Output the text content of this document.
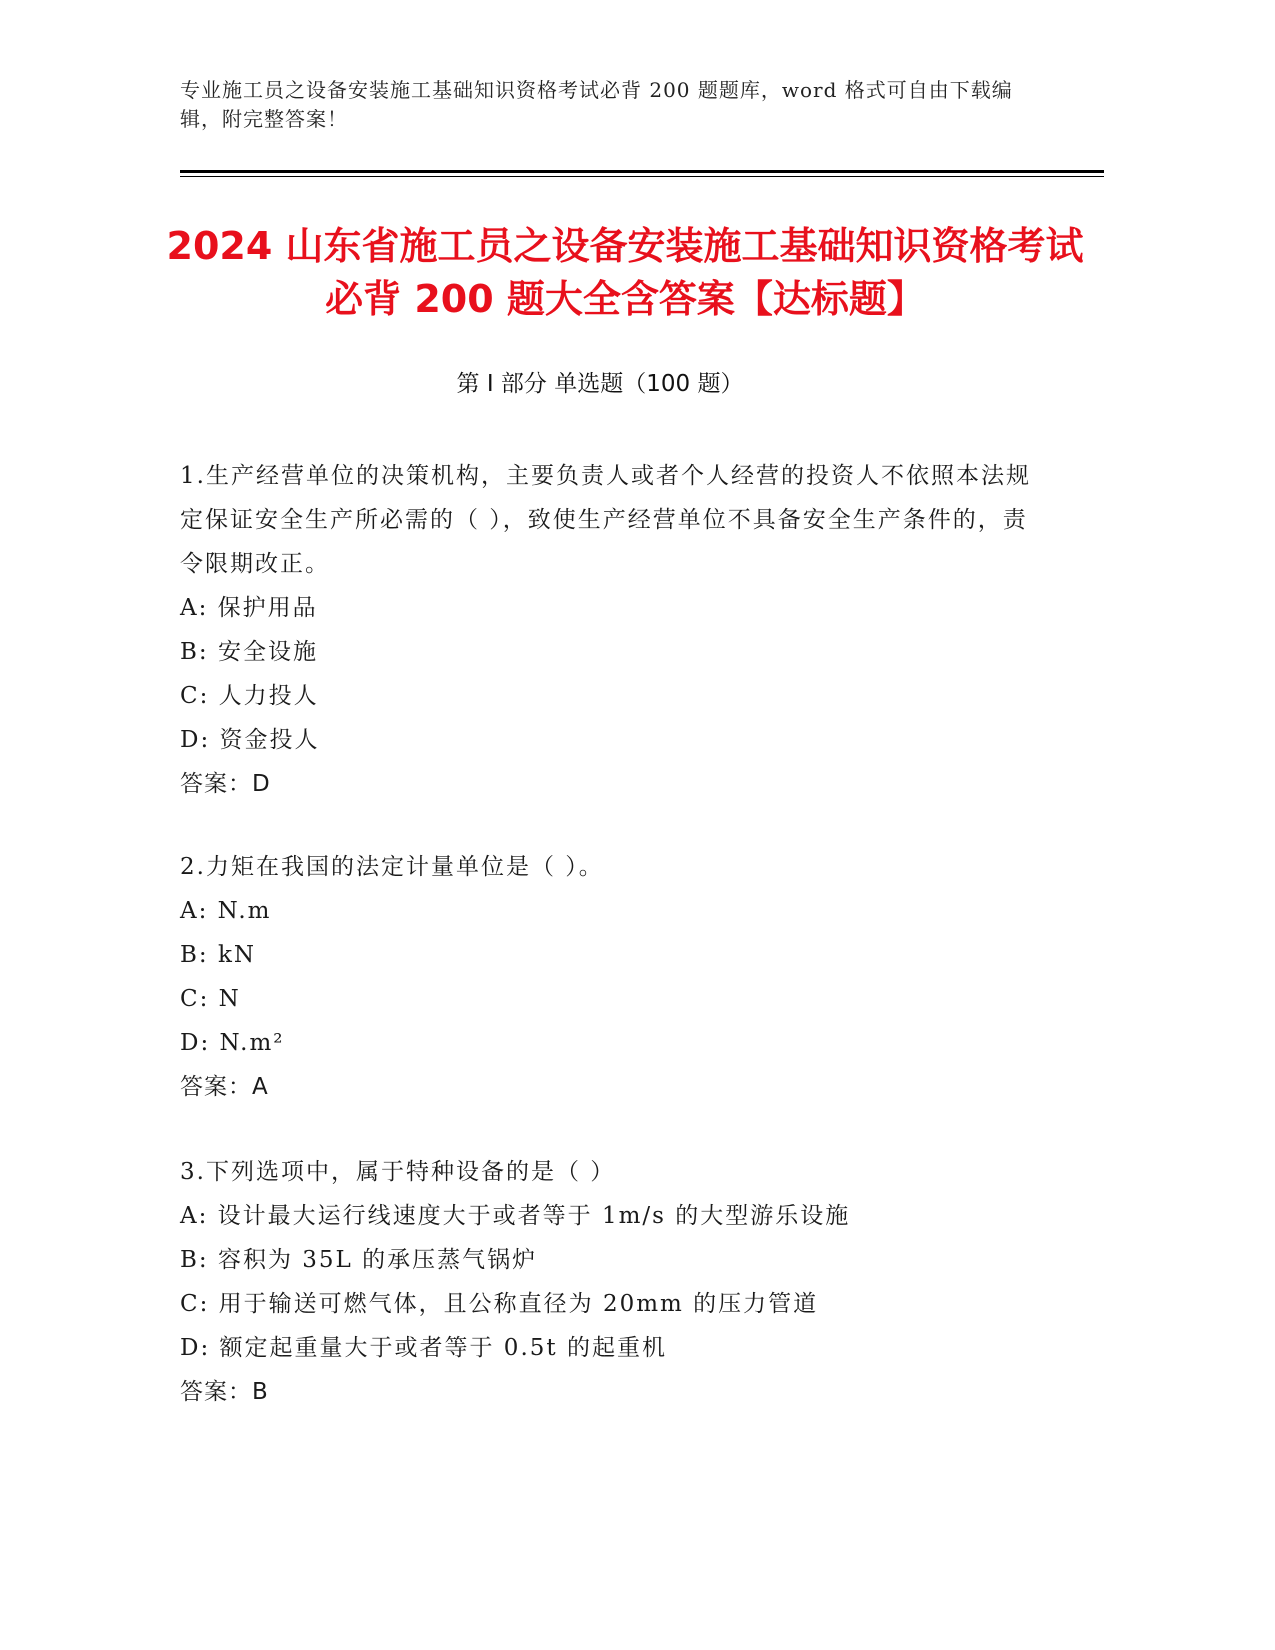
专业施工员之设备安装施工基础知识资格考试必背 200 题题库，word 格式可自由下载编辑，附完整答案！
2024 山东省施工员之设备安装施工基础知识资格考试必背 200 题大全含答案【达标题】
第 I 部分 单选题（100 题）
1.生产经营单位的决策机构，主要负责人或者个人经营的投资人不依照本法规定保证安全生产所必需的（ ），致使生产经营单位不具备安全生产条件的，责令限期改正。
A: 保护用品
B: 安全设施
C: 人力投人
D: 资金投人
答案：D
2.力矩在我国的法定计量单位是（ ）。
A: N.m
B: kN
C: N
D: N.m²
答案：A
3.下列选项中，属于特种设备的是（ ）
A: 设计最大运行线速度大于或者等于 1m/s 的大型游乐设施
B: 容积为 35L 的承压蒸气锅炉
C: 用于输送可燃气体，且公称直径为 20mm 的压力管道
D: 额定起重量大于或者等于 0.5t 的起重机
答案：B
